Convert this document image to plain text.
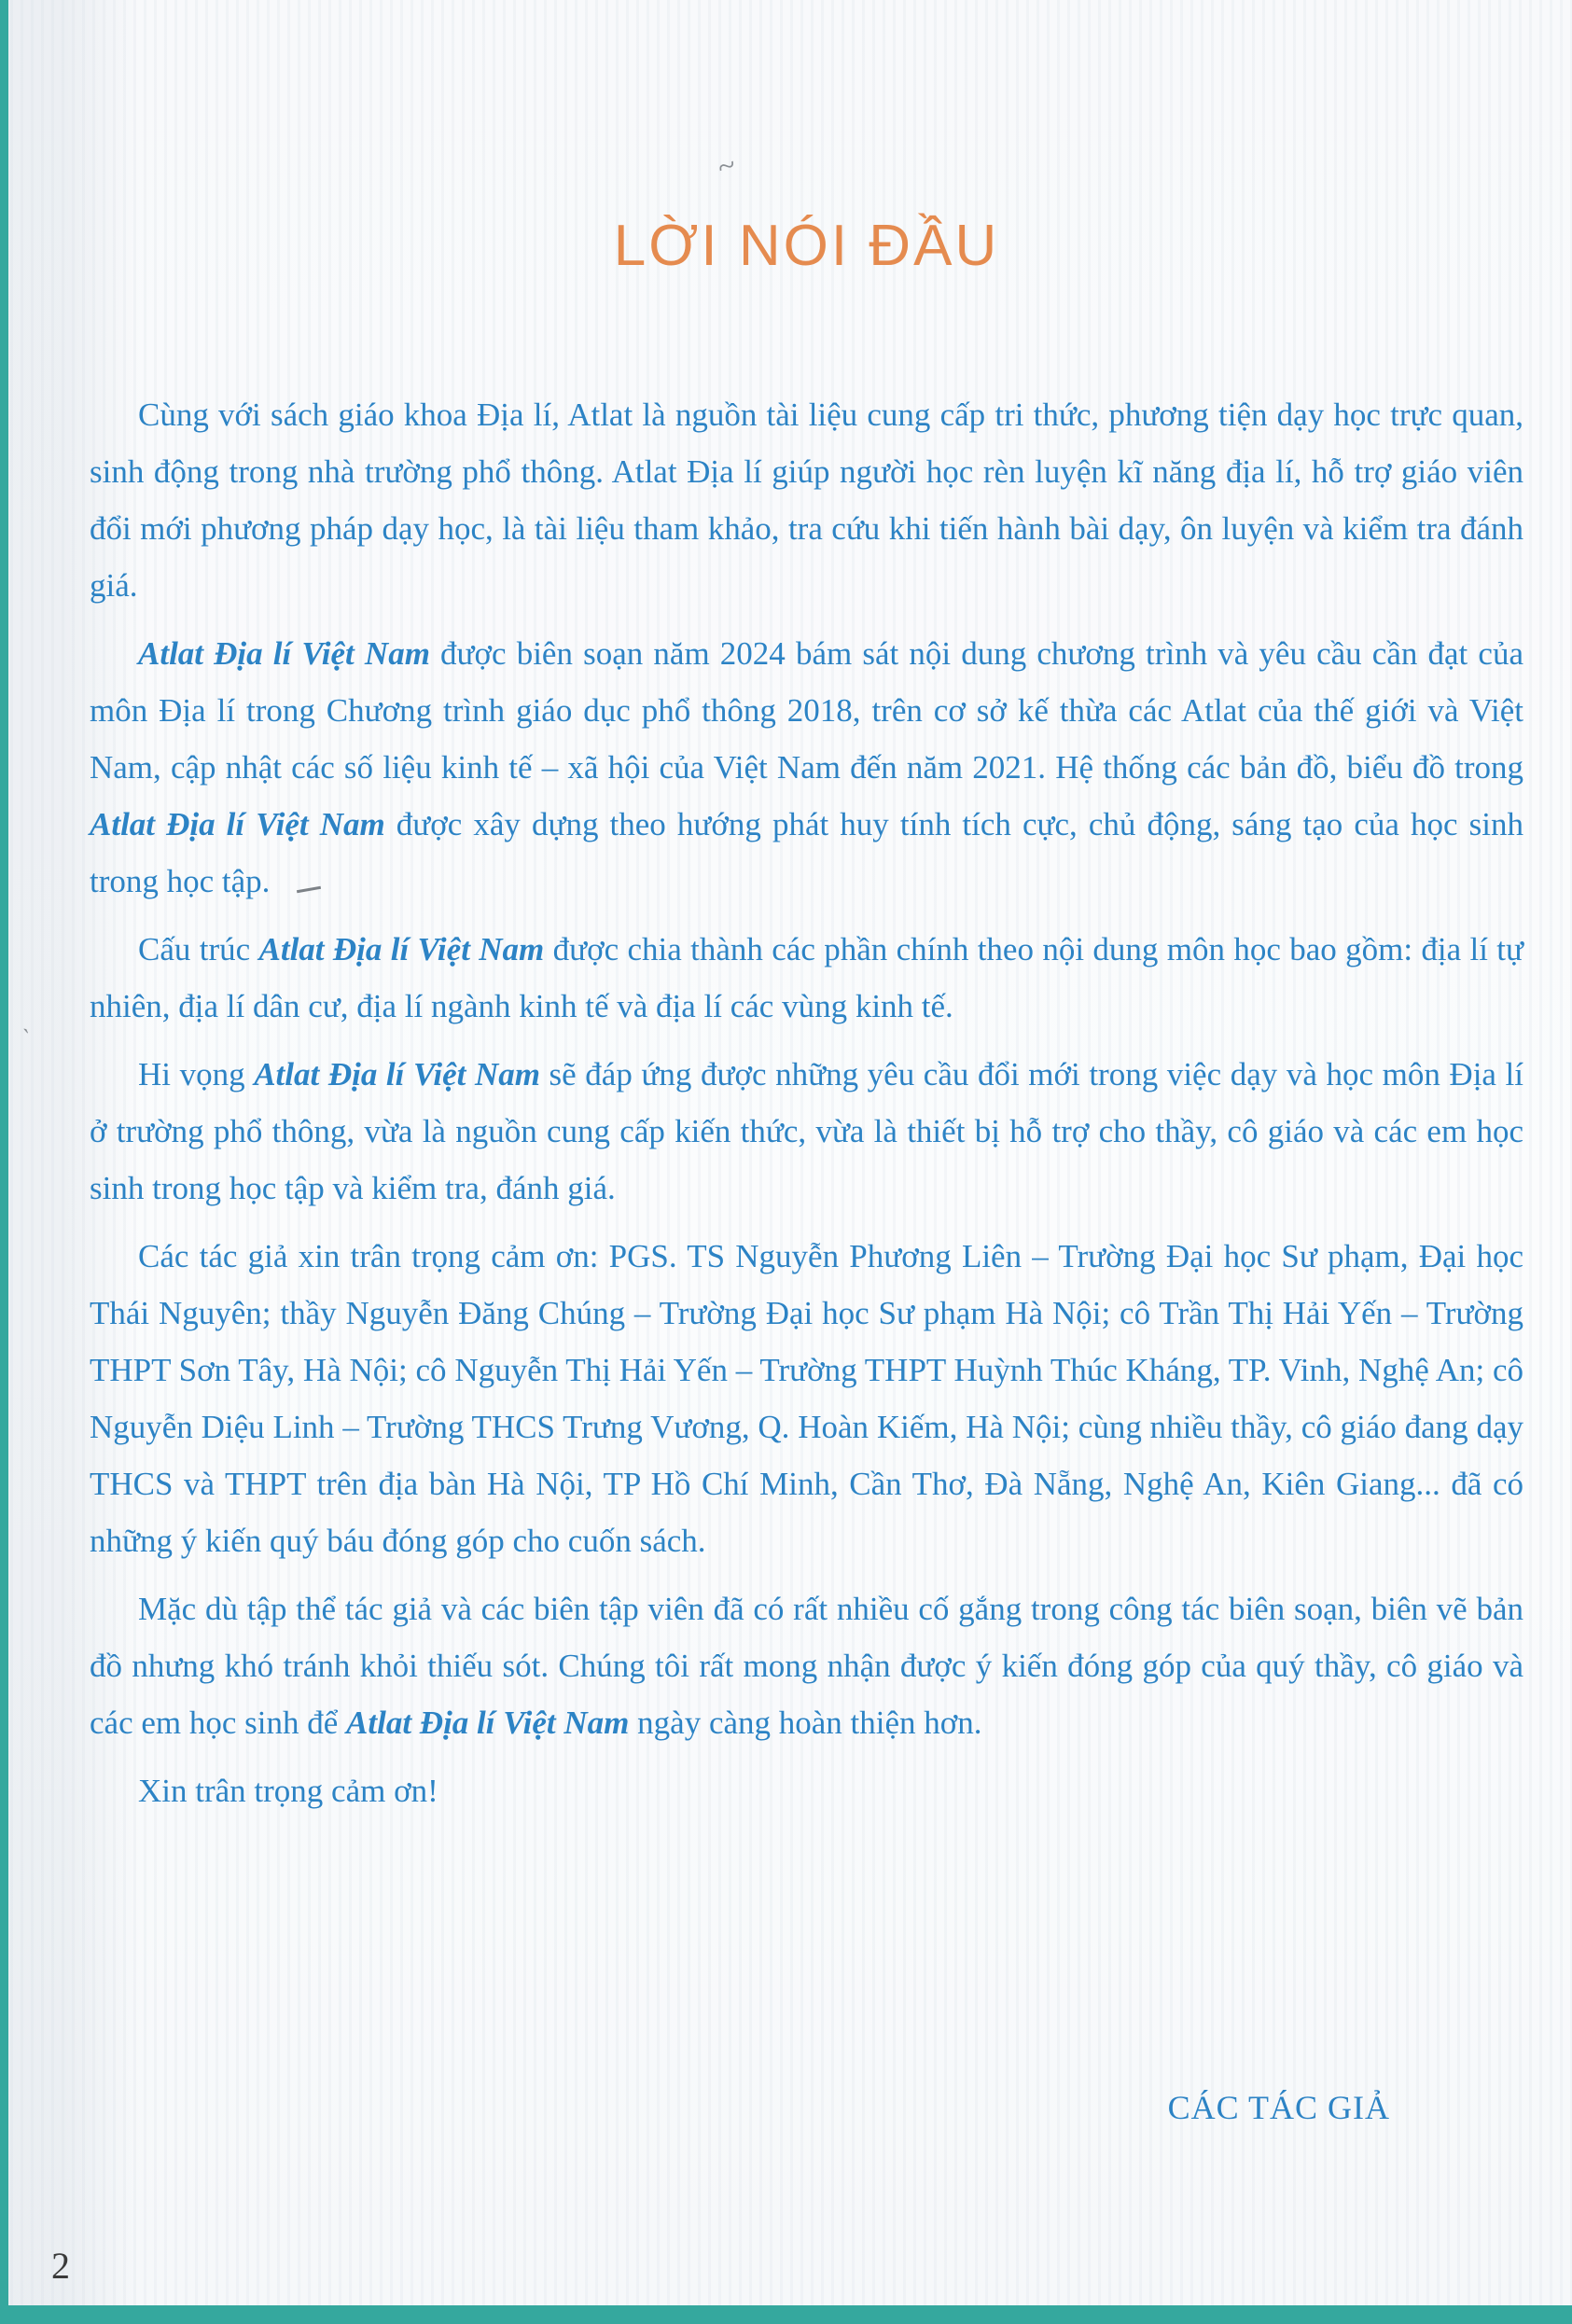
~
`
LỜI NÓI ĐẦU

Cùng với sách giáo khoa Địa lí, Atlat là nguồn tài liệu cung cấp tri thức, phương tiện dạy học trực quan, sinh động trong nhà trường phổ thông. Atlat Địa lí giúp người học rèn luyện kĩ năng địa lí, hỗ trợ giáo viên đổi mới phương pháp dạy học, là tài liệu tham khảo, tra cứu khi tiến hành bài dạy, ôn luyện và kiểm tra đánh giá.

Atlat Địa lí Việt Nam được biên soạn năm 2024 bám sát nội dung chương trình và yêu cầu cần đạt của môn Địa lí trong Chương trình giáo dục phổ thông 2018, trên cơ sở kế thừa các Atlat của thế giới và Việt Nam, cập nhật các số liệu kinh tế – xã hội của Việt Nam đến năm 2021. Hệ thống các bản đồ, biểu đồ trong Atlat Địa lí Việt Nam được xây dựng theo hướng phát huy tính tích cực, chủ động, sáng tạo của học sinh trong học tập.

Cấu trúc Atlat Địa lí Việt Nam được chia thành các phần chính theo nội dung môn học bao gồm: địa lí tự nhiên, địa lí dân cư, địa lí ngành kinh tế và địa lí các vùng kinh tế.

Hi vọng Atlat Địa lí Việt Nam sẽ đáp ứng được những yêu cầu đổi mới trong việc dạy và học môn Địa lí ở trường phổ thông, vừa là nguồn cung cấp kiến thức, vừa là thiết bị hỗ trợ cho thầy, cô giáo và các em học sinh trong học tập và kiểm tra, đánh giá.

Các tác giả xin trân trọng cảm ơn: PGS. TS Nguyễn Phương Liên – Trường Đại học Sư phạm, Đại học Thái Nguyên; thầy Nguyễn Đăng Chúng – Trường Đại học Sư phạm Hà Nội; cô Trần Thị Hải Yến – Trường THPT Sơn Tây, Hà Nội; cô Nguyễn Thị Hải Yến – Trường THPT Huỳnh Thúc Kháng, TP. Vinh, Nghệ An; cô Nguyễn Diệu Linh – Trường THCS Trưng Vương, Q. Hoàn Kiếm, Hà Nội; cùng nhiều thầy, cô giáo đang dạy THCS và THPT trên địa bàn Hà Nội, TP Hồ Chí Minh, Cần Thơ, Đà Nẵng, Nghệ An, Kiên Giang... đã có những ý kiến quý báu đóng góp cho cuốn sách.

Mặc dù tập thể tác giả và các biên tập viên đã có rất nhiều cố gắng trong công tác biên soạn, biên vẽ bản đồ nhưng khó tránh khỏi thiếu sót. Chúng tôi rất mong nhận được ý kiến đóng góp của quý thầy, cô giáo và các em học sinh để Atlat Địa lí Việt Nam ngày càng hoàn thiện hơn.

Xin trân trọng cảm ơn!

CÁC TÁC GIẢ
2
